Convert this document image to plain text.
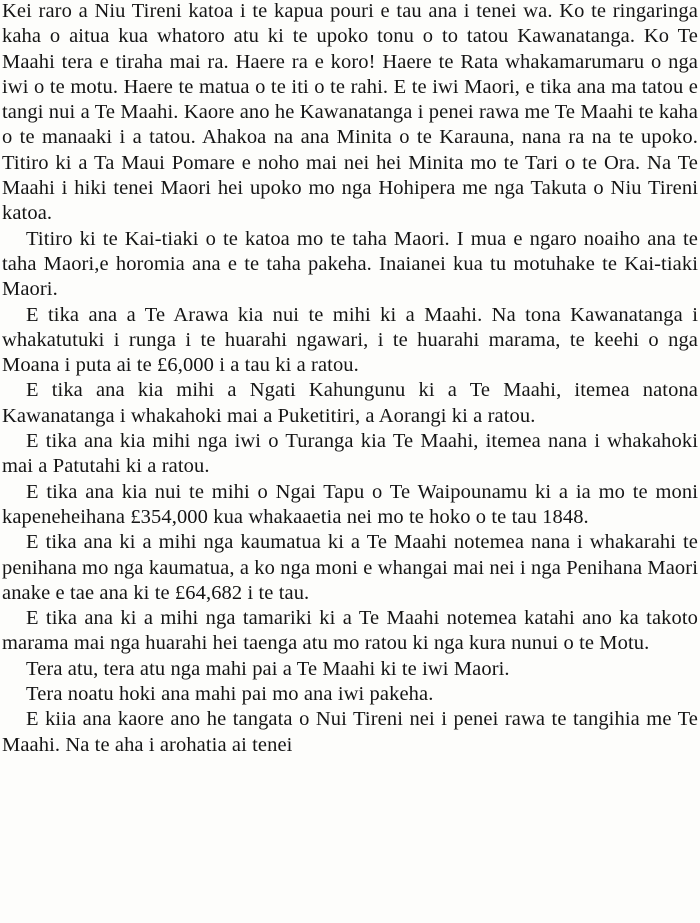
Kei raro a Niu Tireni katoa i te kapua pouri e tau ana i tenei wa. Ko te ringaringa kaha o aitua kua whatoro atu ki te upoko tonu o to tatou Kawanatanga. Ko Te Maahi tera e tiraha mai ra. Haere ra e koro! Haere te Rata whakamarumaru o nga iwi o te motu. Haere te matua o te iti o te rahi. E te iwi Maori, e tika ana ma tatou e tangi nui a Te Maahi. Kaore ano he Kawanatanga i penei rawa me Te Maahi te kaha o te manaaki i a tatou. Ahakoa na ana Minita o te Karauna, nana ra na te upoko. Titiro ki a Ta Maui Pomare e noho mai nei hei Minita mo te Tari o te Ora. Na Te Maahi i hiki tenei Maori hei upoko mo nga Hohipera me nga Takuta o Niu Tireni katoa.

Titiro ki te Kai-tiaki o te katoa mo te taha Maori. I mua e ngaro noaiho ana te taha Maori,e horomia ana e te taha pakeha. Inaianei kua tu motuhake te Kai-tiaki Maori.

E tika ana a Te Arawa kia nui te mihi ki a Maahi. Na tona Kawanatanga i whakatutuki i runga i te huarahi ngawari, i te huarahi marama, te keehi o nga Moana i puta ai te £6,000 i a tau ki a ratou.

E tika ana kia mihi a Ngati Kahungunu ki a Te Maahi, itemea natona Kawanatanga i whakahoki mai a Puketitiri, a Aorangi ki a ratou.

E tika ana kia mihi nga iwi o Turanga kia Te Maahi, itemea nana i whakahoki mai a Patutahi ki a ratou.

E tika ana kia nui te mihi o Ngai Tapu o Te Waipounamu ki a ia mo te moni kapeneheihana £354,000 kua whakaaetia nei mo te hoko o te tau 1848.

E tika ana ki a mihi nga kaumatua ki a Te Maahi notemea nana i whakarahi te penihana mo nga kaumatua, a ko nga moni e whangai mai nei i nga Penihana Maori anake e tae ana ki te £64,682 i te tau.

E tika ana ki a mihi nga tamariki ki a Te Maahi notemea katahi ano ka takoto marama mai nga huarahi hei taenga atu mo ratou ki nga kura nunui o te Motu.

Tera atu, tera atu nga mahi pai a Te Maahi ki te iwi Maori.

Tera noatu hoki ana mahi pai mo ana iwi pakeha.

E kiia ana kaore ano he tangata o Nui Tireni nei i penei rawa te tangihia me Te Maahi. Na te aha i arohatia ai tenei
